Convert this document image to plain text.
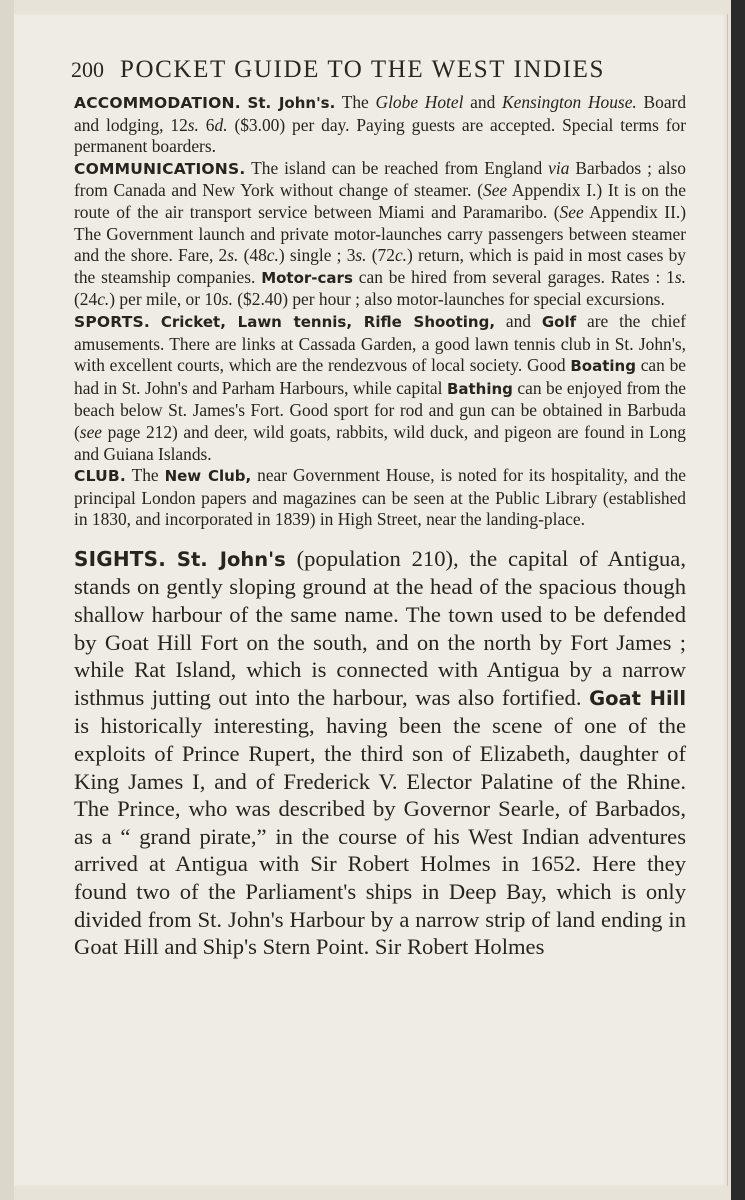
200 POCKET GUIDE TO THE WEST INDIES

ACCOMMODATION. St. John's. The Globe Hotel and Kensington House. Board and lodging, 12s. 6d. ($3.00) per day. Paying guests are accepted. Special terms for permanent boarders.

COMMUNICATIONS. The island can be reached from England via Barbados ; also from Canada and New York without change of steamer. (See Appendix I.) It is on the route of the air transport service between Miami and Paramaribo. (See Appendix II.) The Government launch and private motor-launches carry passengers between steamer and the shore. Fare, 2s. (48c.) single ; 3s. (72c.) return, which is paid in most cases by the steamship companies. Motor-cars can be hired from several garages. Rates : 1s. (24c.) per mile, or 10s. ($2.40) per hour ; also motor-launches for special excursions.

SPORTS. Cricket, Lawn tennis, Rifle Shooting, and Golf are the chief amusements. There are links at Cassada Garden, a good lawn tennis club in St. John's, with excellent courts, which are the rendezvous of local society. Good Boating can be had in St. John's and Parham Harbours, while capital Bathing can be enjoyed from the beach below St. James's Fort. Good sport for rod and gun can be obtained in Barbuda (see page 212) and deer, wild goats, rabbits, wild duck, and pigeon are found in Long and Guiana Islands.

CLUB. The New Club, near Government House, is noted for its hospitality, and the principal London papers and magazines can be seen at the Public Library (established in 1830, and incorporated in 1839) in High Street, near the landing-place.

SIGHTS. St. John's (population 210), the capital of Antigua, stands on gently sloping ground at the head of the spacious though shallow harbour of the same name. The town used to be defended by Goat Hill Fort on the south, and on the north by Fort James ; while Rat Island, which is connected with Antigua by a narrow isthmus jutting out into the harbour, was also fortified. Goat Hill is historically interesting, having been the scene of one of the exploits of Prince Rupert, the third son of Elizabeth, daughter of King James I, and of Frederick V. Elector Palatine of the Rhine. The Prince, who was described by Governor Searle, of Barbados, as a “ grand pirate,” in the course of his West Indian adventures arrived at Antigua with Sir Robert Holmes in 1652. Here they found two of the Parliament's ships in Deep Bay, which is only divided from St. John's Harbour by a narrow strip of land ending in Goat Hill and Ship's Stern Point. Sir Robert Holmes
